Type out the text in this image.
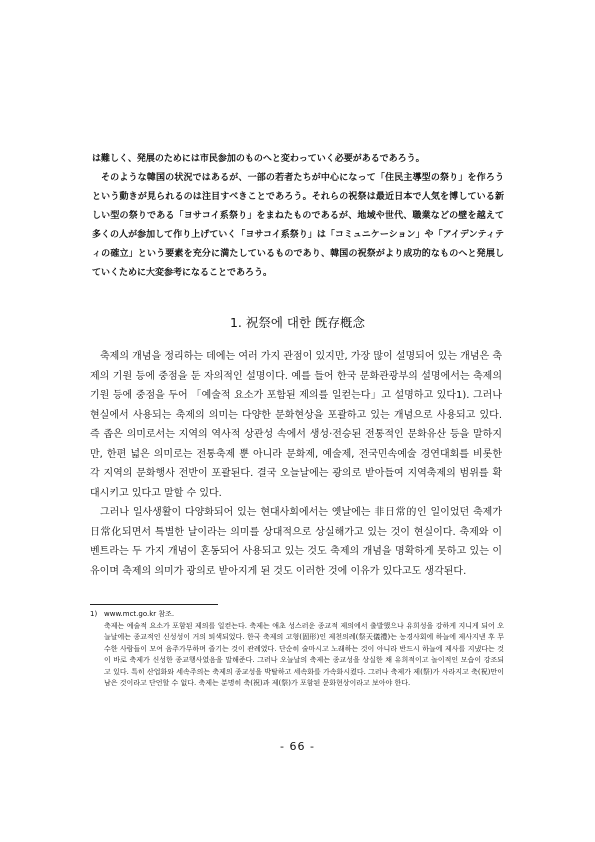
は難しく、発展のためには市民参加のものへと変わっていく必要があるであろう。

そのような韓国の状況ではあるが、一部の若者たちが中心になって「住民主導型の祭り」を作ろうという動きが見られるのは注目すべきことであろう。それらの祝祭は最近日本で人気を博している新しい型の祭りである「ヨサコイ系祭り」をまねたものであるが、地域や世代、職業などの壁を越えて多くの人が参加して作り上げていく「ヨサコイ系祭り」は「コミュニケーション」や「アイデンティティの確立」という要素を充分に満たしているものであり、韓国の祝祭がより成功的なものへと発展していくために大変参考になることであろう。

1. 祝祭에 대한 旣存槪念

축제의 개념을 정리하는 데에는 여러 가지 관점이 있지만, 가장 많이 설명되어 있는 개념은 축제의 기원 등에 중점을 둔 자의적인 설명이다. 예를 들어 한국 문화관광부의 설명에서는 축제의 기원 등에 중점을 두어 「예술적 요소가 포함된 제의를 일컫는다」고 설명하고 있다1). 그러나 현실에서 사용되는 축제의 의미는 다양한 문화현상을 포괄하고 있는 개념으로 사용되고 있다. 즉 좁은 의미로서는 지역의 역사적 상관성 속에서 생성·전승된 전통적인 문화유산 등을 말하지만, 한편 넓은 의미로는 전통축제 뿐 아니라 문화제, 예술제, 전국민속예술 경연대회를 비롯한 각 지역의 문화행사 전반이 포괄된다. 결국 오늘날에는 광의로 받아들여 지역축제의 범위를 확대시키고 있다고 말할 수 있다.

그러나 일사생활이 다양화되어 있는 현대사회에서는 옛날에는 非日常的인 일이었던 축제가 日常化되면서 특별한 날이라는 의미를 상대적으로 상실해가고 있는 것이 현실이다. 축제와 이벤트라는 두 가지 개념이 혼동되어 사용되고 있는 것도 축제의 개념을 명확하게 못하고 있는 이유이며 축제의 의미가 광의로 받아지게 된 것도 이러한 것에 이유가 있다고도 생각된다.

1) www.mct.go.kr 참조.
축제는 예술적 요소가 포함된 제의를 일컫는다. 축제는 애초 성스러운 종교적 제의에서 출발했으나 유희성을 강하게 지니게 되어 오늘날에는 종교적인 신성성이 거의 퇴색되었다. 한국 축제의 고형(固形)인 제천의례(祭天儀禮)는 농경사회에 하늘에 제사지낸 후 무수한 사람들이 모여 음주가무하며 즐기는 것이 관례였다. 단순히 술마시고 노래하는 것이 아니라 반드시 하늘에 제사를 지냈다는 것이 바로 축제가 신성한 종교행사였음을 말해준다. 그러나 오늘날의 축제는 종교성을 상실한 채 유희적이고 놀이적인 모습이 강조되고 있다. 특히 산업화와 세속주의는 축제의 종교성을 박탈하고 세속화를 가속화시켰다. 그러나 축제가 제(祭)가 사라지고 축(祝)만이 남은 것이라고 단언할 수 없다. 축제는 분명히 축(祝)과 제(祭)가 포함된 문화현상이라고 보아야 한다.
- 66 -
